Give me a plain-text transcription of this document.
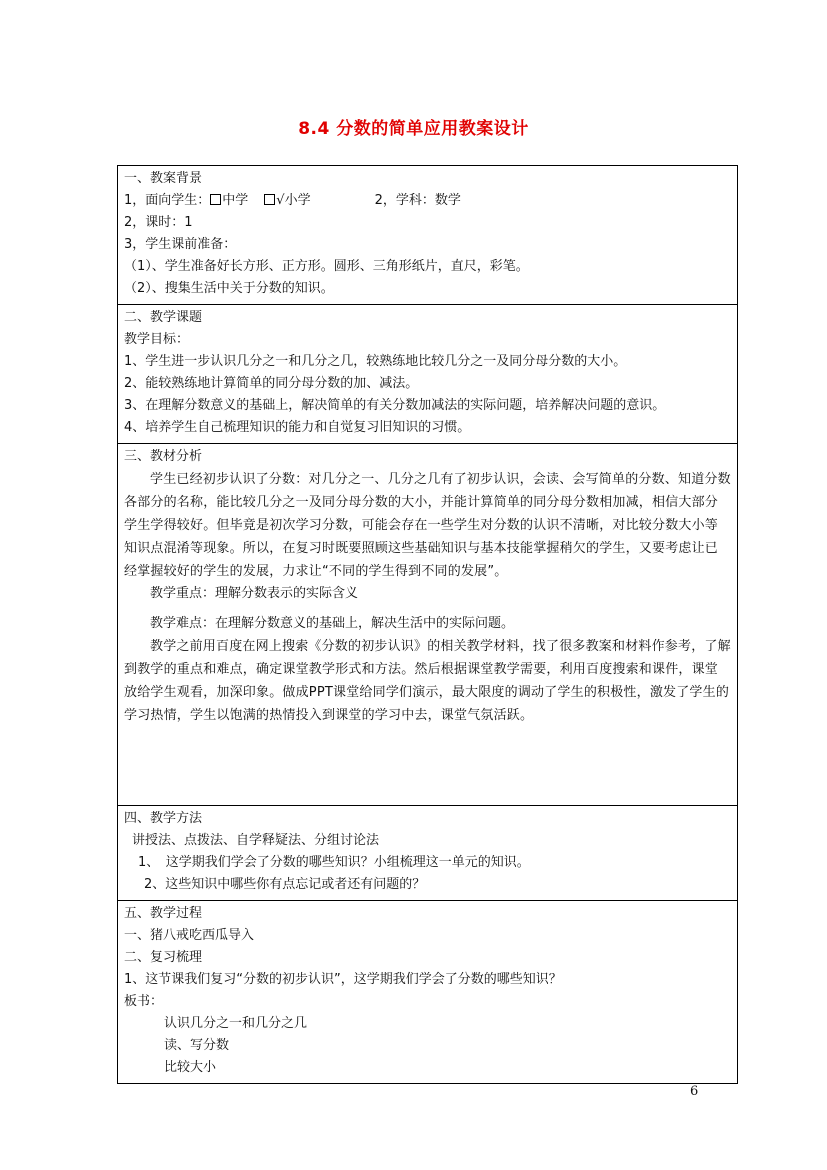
8.4 分数的简单应用教案设计
一、教案背景
1，面向学生： 中学 √小学	2，学科：数学
2，课时：1
3，学生课前准备：
（1）、学生准备好长方形、正方形。圆形、三角形纸片，直尺，彩笔。
（2）、搜集生活中关于分数的知识。
二、教学课题
教学目标：
1、学生进一步认识几分之一和几分之几，较熟练地比较几分之一及同分母分数的大小。
2、能较熟练地计算简单的同分母分数的加、减法。
3、在理解分数意义的基础上，解决简单的有关分数加减法的实际问题，培养解决问题的意识。
4、培养学生自己梳理知识的能力和自觉复习旧知识的习惯。
三、教材分析

学生已经初步认识了分数：对几分之一、几分之几有了初步认识，会读、会写简单的分数、知道分数各部分的名称，能比较几分之一及同分母分数的大小，并能计算简单的同分母分数相加减，相信大部分学生学得较好。但毕竟是初次学习分数，可能会存在一些学生对分数的认识不清晰，对比较分数大小等知识点混淆等现象。所以，在复习时既要照顾这些基础知识与基本技能掌握稍欠的学生，又要考虑让已经掌握较好的学生的发展，力求让“不同的学生得到不同的发展”。

教学重点：理解分数表示的实际含义
教学难点：在理解分数意义的基础上，解决生活中的实际问题。

教学之前用百度在网上搜索《分数的初步认识》的相关教学材料，找了很多教案和材料作参考，了解到教学的重点和难点，确定课堂教学形式和方法。然后根据课堂教学需要，利用百度搜索和课件，课堂放给学生观看，加深印象。做成PPT课堂给同学们演示，最大限度的调动了学生的积极性，激发了学生的学习热情，学生以饱满的热情投入到课堂的学习中去，课堂气氛活跃。

四、教学方法
讲授法、点拨法、自学释疑法、分组讨论法
1、　这学期我们学会了分数的哪些知识？小组梳理这一单元的知识。
2、这些知识中哪些你有点忘记或者还有问题的？
五、教学过程
一、猪八戒吃西瓜导入
二、复习梳理
1、这节课我们复习“分数的初步认识”，这学期我们学会了分数的哪些知识？
板书：
认识几分之一和几分之几
读、写分数
比较大小
6
